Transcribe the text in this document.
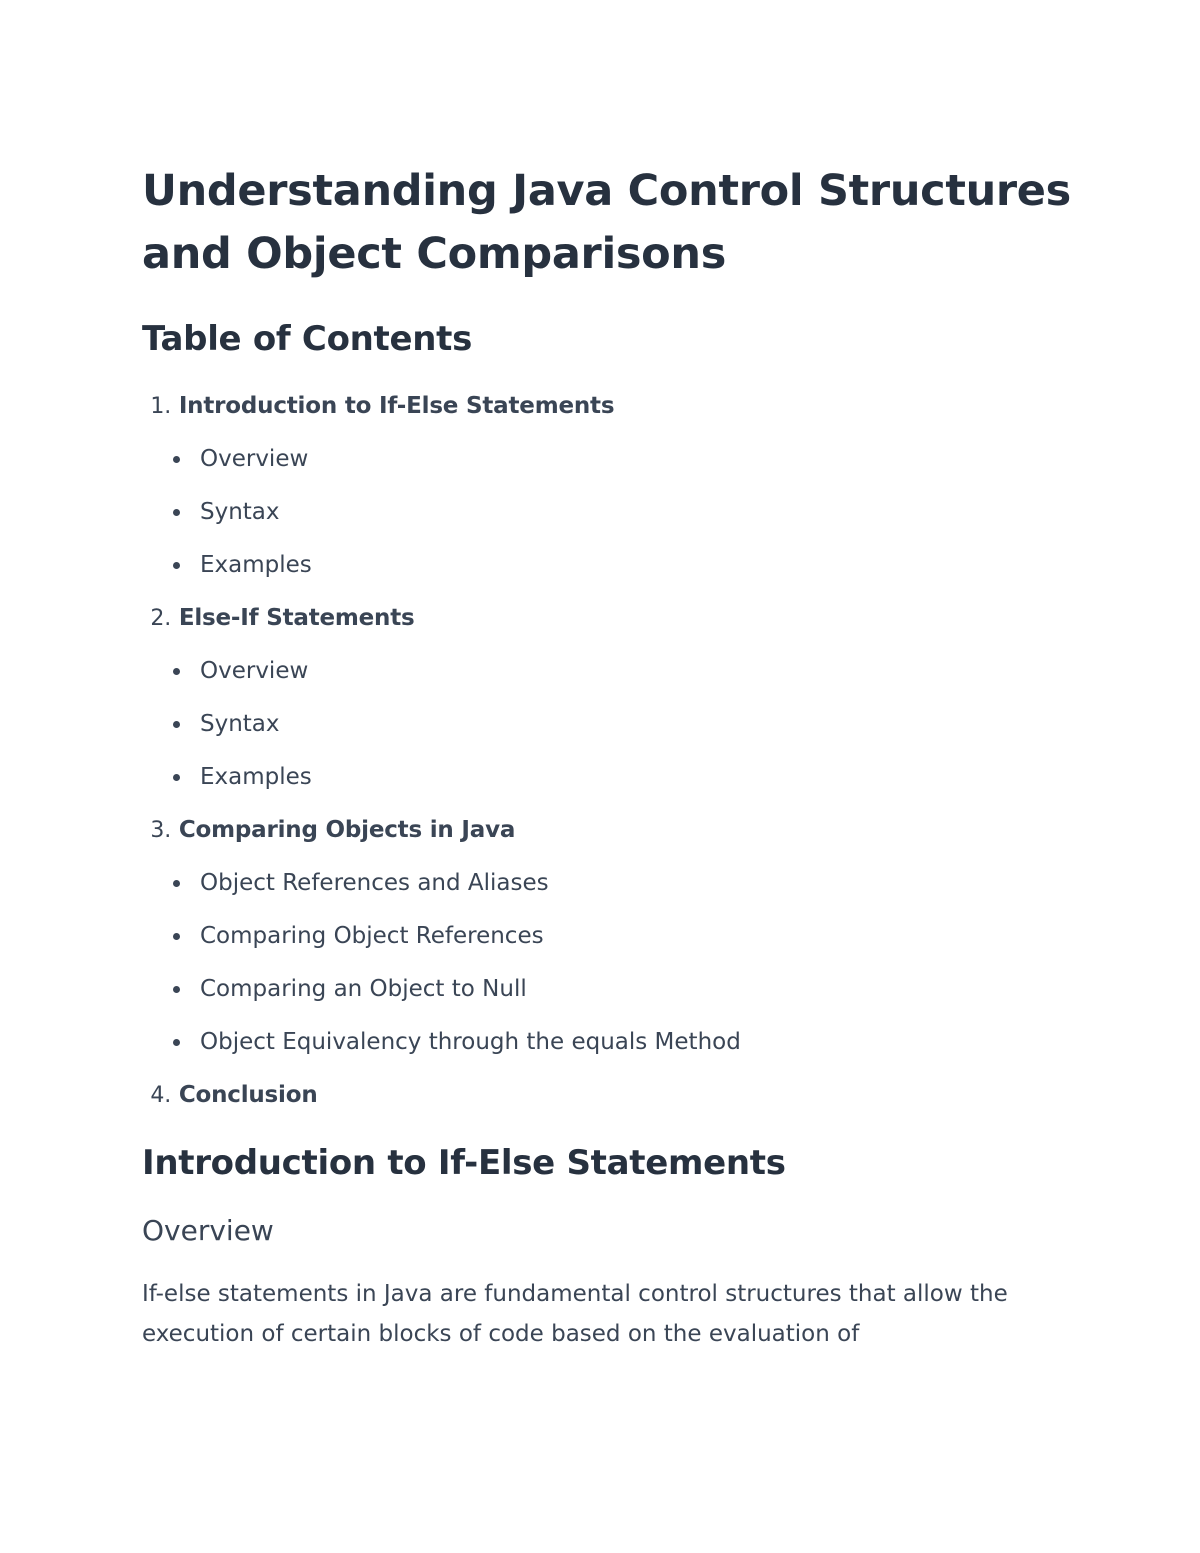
Understanding Java Control Structures and Object Comparisons
Table of Contents
1. Introduction to If-Else Statements
Overview
Syntax
Examples
2. Else-If Statements
Overview
Syntax
Examples
3. Comparing Objects in Java
Object References and Aliases
Comparing Object References
Comparing an Object to Null
Object Equivalency through the equals Method
4. Conclusion
Introduction to If-Else Statements
Overview

If-else statements in Java are fundamental control structures that allow the execution of certain blocks of code based on the evaluation of
